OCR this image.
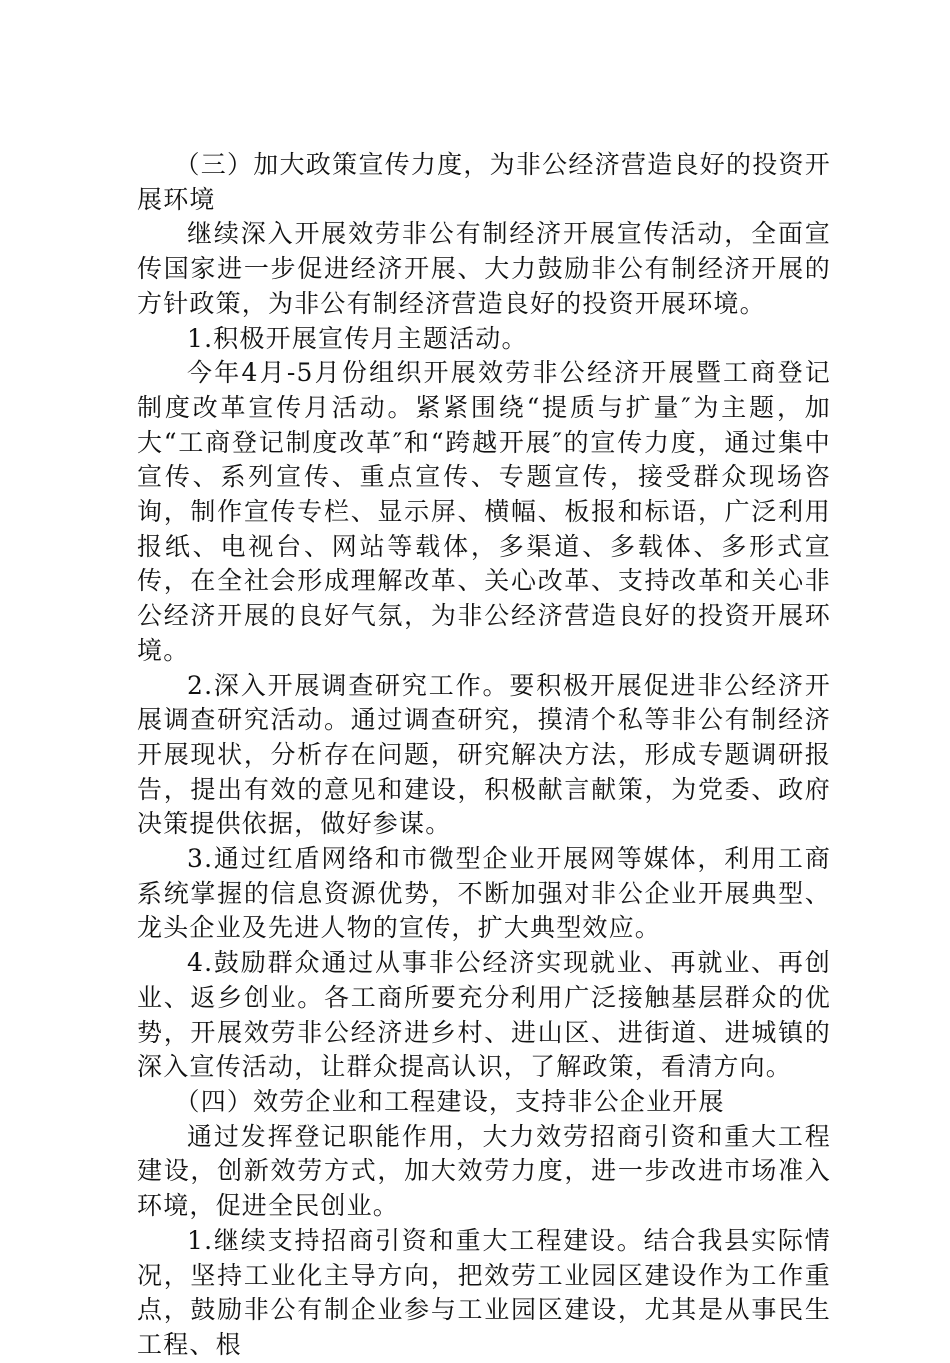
（三）加大政策宣传力度，为非公经济营造良好的投资开展环境

继续深入开展效劳非公有制经济开展宣传活动，全面宣传国家进一步促进经济开展、大力鼓励非公有制经济开展的方针政策，为非公有制经济营造良好的投资开展环境。

1.积极开展宣传月主题活动。

今年4月-5月份组织开展效劳非公经济开展暨工商登记制度改革宣传月活动。紧紧围绕“提质与扩量″为主题，加大“工商登记制度改革″和“跨越开展″的宣传力度，通过集中宣传、系列宣传、重点宣传、专题宣传，接受群众现场咨询，制作宣传专栏、显示屏、横幅、板报和标语，广泛利用报纸、电视台、网站等载体，多渠道、多载体、多形式宣传，在全社会形成理解改革、关心改革、支持改革和关心非公经济开展的良好气氛，为非公经济营造良好的投资开展环境。

2.深入开展调查研究工作。要积极开展促进非公经济开展调查研究活动。通过调查研究，摸清个私等非公有制经济开展现状，分析存在问题，研究解决方法，形成专题调研报告，提出有效的意见和建设，积极献言献策，为党委、政府决策提供依据，做好参谋。

3.通过红盾网络和市微型企业开展网等媒体，利用工商系统掌握的信息资源优势，不断加强对非公企业开展典型、龙头企业及先进人物的宣传，扩大典型效应。

4.鼓励群众通过从事非公经济实现就业、再就业、再创业、返乡创业。各工商所要充分利用广泛接触基层群众的优势，开展效劳非公经济进乡村、进山区、进街道、进城镇的深入宣传活动，让群众提高认识，了解政策，看清方向。

（四）效劳企业和工程建设，支持非公企业开展

通过发挥登记职能作用，大力效劳招商引资和重大工程建设，创新效劳方式，加大效劳力度，进一步改进市场准入环境，促进全民创业。

1.继续支持招商引资和重大工程建设。结合我县实际情况，坚持工业化主导方向，把效劳工业园区建设作为工作重点，鼓励非公有制企业参与工业园区建设，尤其是从事民生工程、根
